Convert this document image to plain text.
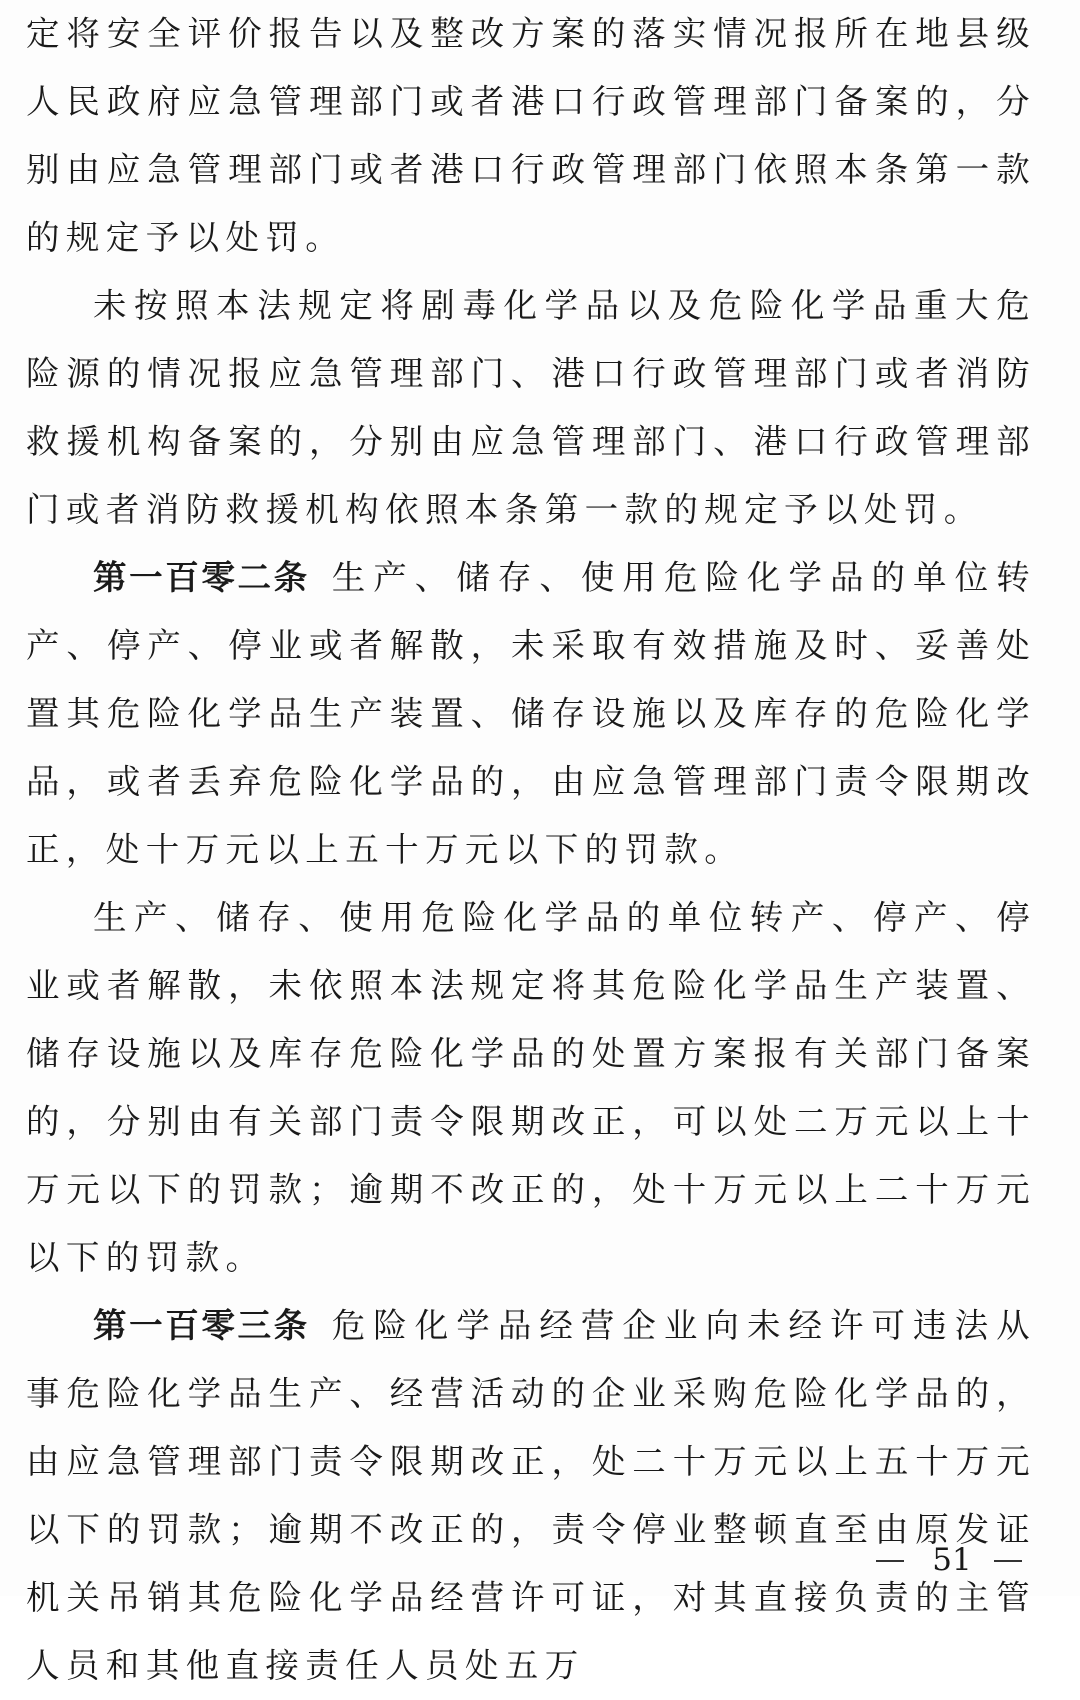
定将安全评价报告以及整改方案的落实情况报所在地县级人民政府应急管理部门或者港口行政管理部门备案的，分别由应急管理部门或者港口行政管理部门依照本条第一款的规定予以处罚。

未按照本法规定将剧毒化学品以及危险化学品重大危险源的情况报应急管理部门、港口行政管理部门或者消防救援机构备案的，分别由应急管理部门、港口行政管理部门或者消防救援机构依照本条第一款的规定予以处罚。

第一百零二条 生产、储存、使用危险化学品的单位转产、停产、停业或者解散，未采取有效措施及时、妥善处置其危险化学品生产装置、储存设施以及库存的危险化学品，或者丢弃危险化学品的，由应急管理部门责令限期改正，处十万元以上五十万元以下的罚款。

生产、储存、使用危险化学品的单位转产、停产、停业或者解散，未依照本法规定将其危险化学品生产装置、储存设施以及库存危险化学品的处置方案报有关部门备案的，分别由有关部门责令限期改正，可以处二万元以上十万元以下的罚款；逾期不改正的，处十万元以上二十万元以下的罚款。

第一百零三条 危险化学品经营企业向未经许可违法从事危险化学品生产、经营活动的企业采购危险化学品的，由应急管理部门责令限期改正，处二十万元以上五十万元以下的罚款；逾期不改正的，责令停业整顿直至由原发证机关吊销其危险化学品经营许可证，对其直接负责的主管人员和其他直接责任人员处五万

51
